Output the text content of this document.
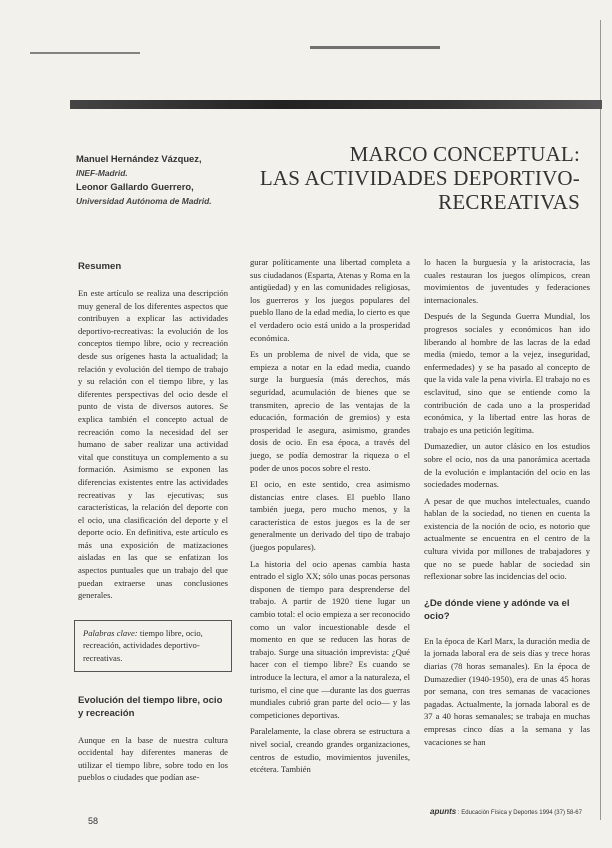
Manuel Hernández Vázquez,
INEF-Madrid.
Leonor Gallardo Guerrero,
Universidad Autónoma de Madrid.
MARCO CONCEPTUAL:
LAS ACTIVIDADES DEPORTIVO-
RECREATIVAS
Resumen

En este artículo se realiza una descripción muy general de los diferentes aspectos que contribuyen a explicar las actividades deportivo-recreativas: la evolución de los conceptos tiempo libre, ocio y recreación desde sus orígenes hasta la actualidad; la relación y evolución del tiempo de trabajo y su relación con el tiempo libre, y las diferentes perspectivas del ocio desde el punto de vista de diversos autores. Se explica también el concepto actual de recreación como la necesidad del ser humano de saber realizar una actividad vital que constituya un complemento a su formación. Asimismo se exponen las diferencias existentes entre las actividades recreativas y las ejecutivas; sus características, la relación del deporte con el ocio, una clasificación del deporte y el deporte ocio. En definitiva, este artículo es más una exposición de matizaciones aisladas en las que se enfatizan los aspectos puntuales que un trabajo del que puedan extraerse unas conclusiones generales.

Palabras clave: tiempo libre, ocio, recreación, actividades deportivo-recreativas.
Evolución del tiempo libre, ocio y recreación

Aunque en la base de nuestra cultura occidental hay diferentes maneras de utilizar el tiempo libre, sobre todo en los pueblos o ciudades que podían ase-

gurar políticamente una libertad completa a sus ciudadanos (Esparta, Atenas y Roma en la antigüedad) y en las comunidades religiosas, los guerreros y los juegos populares del pueblo llano de la edad media, lo cierto es que el verdadero ocio está unido a la prosperidad económica.

Es un problema de nivel de vida, que se empieza a notar en la edad media, cuando surge la burguesía (más derechos, más seguridad, acumulación de bienes que se transmiten, aprecio de las ventajas de la educación, formación de gremios) y esta prosperidad le asegura, asimismo, grandes dosis de ocio. En esa época, a través del juego, se podía demostrar la riqueza o el poder de unos pocos sobre el resto.

El ocio, en este sentido, crea asimismo distancias entre clases. El pueblo llano también juega, pero mucho menos, y la característica de estos juegos es la de ser generalmente un derivado del tipo de trabajo (juegos populares).

La historia del ocio apenas cambia hasta entrado el siglo XX; sólo unas pocas personas disponen de tiempo para desprenderse del trabajo. A partir de 1920 tiene lugar un cambio total: el ocio empieza a ser reconocido como un valor incuestionable desde el momento en que se reducen las horas de trabajo. Surge una situación imprevista: ¿Qué hacer con el tiempo libre? Es cuando se introduce la lectura, el amor a la naturaleza, el turismo, el cine que —durante las dos guerras mundiales cubrió gran parte del ocio— y las competiciones deportivas.

Paralelamente, la clase obrera se estructura a nivel social, creando grandes organizaciones, centros de estudio, movimientos juveniles, etcétera. También

lo hacen la burguesía y la aristocracia, las cuales restauran los juegos olímpicos, crean movimientos de juventudes y federaciones internacionales.

Después de la Segunda Guerra Mundial, los progresos sociales y económicos han ido liberando al hombre de las lacras de la edad media (miedo, temor a la vejez, inseguridad, enfermedades) y se ha pasado al concepto de que la vida vale la pena vivirla. El trabajo no es esclavitud, sino que se entiende como la contribución de cada uno a la prosperidad económica, y la libertad entre las horas de trabajo es una petición legítima.

Dumazedier, un autor clásico en los estudios sobre el ocio, nos da una panorámica acertada de la evolución e implantación del ocio en las sociedades modernas.

A pesar de que muchos intelectuales, cuando hablan de la sociedad, no tienen en cuenta la existencia de la noción de ocio, es notorio que actualmente se encuentra en el centro de la cultura vivida por millones de trabajadores y que no se puede hablar de sociedad sin reflexionar sobre las incidencias del ocio.

¿De dónde viene y adónde va el ocio?

En la época de Karl Marx, la duración media de la jornada laboral era de seis días y trece horas diarias (78 horas semanales). En la época de Dumazedier (1940-1950), era de unas 45 horas por semana, con tres semanas de vacaciones pagadas. Actualmente, la jornada laboral es de 37 a 40 horas semanales; se trabaja en muchas empresas cinco días a la semana y las vacaciones se han

58
apunts : Educación Física y Deportes 1994 (37) 58-67
